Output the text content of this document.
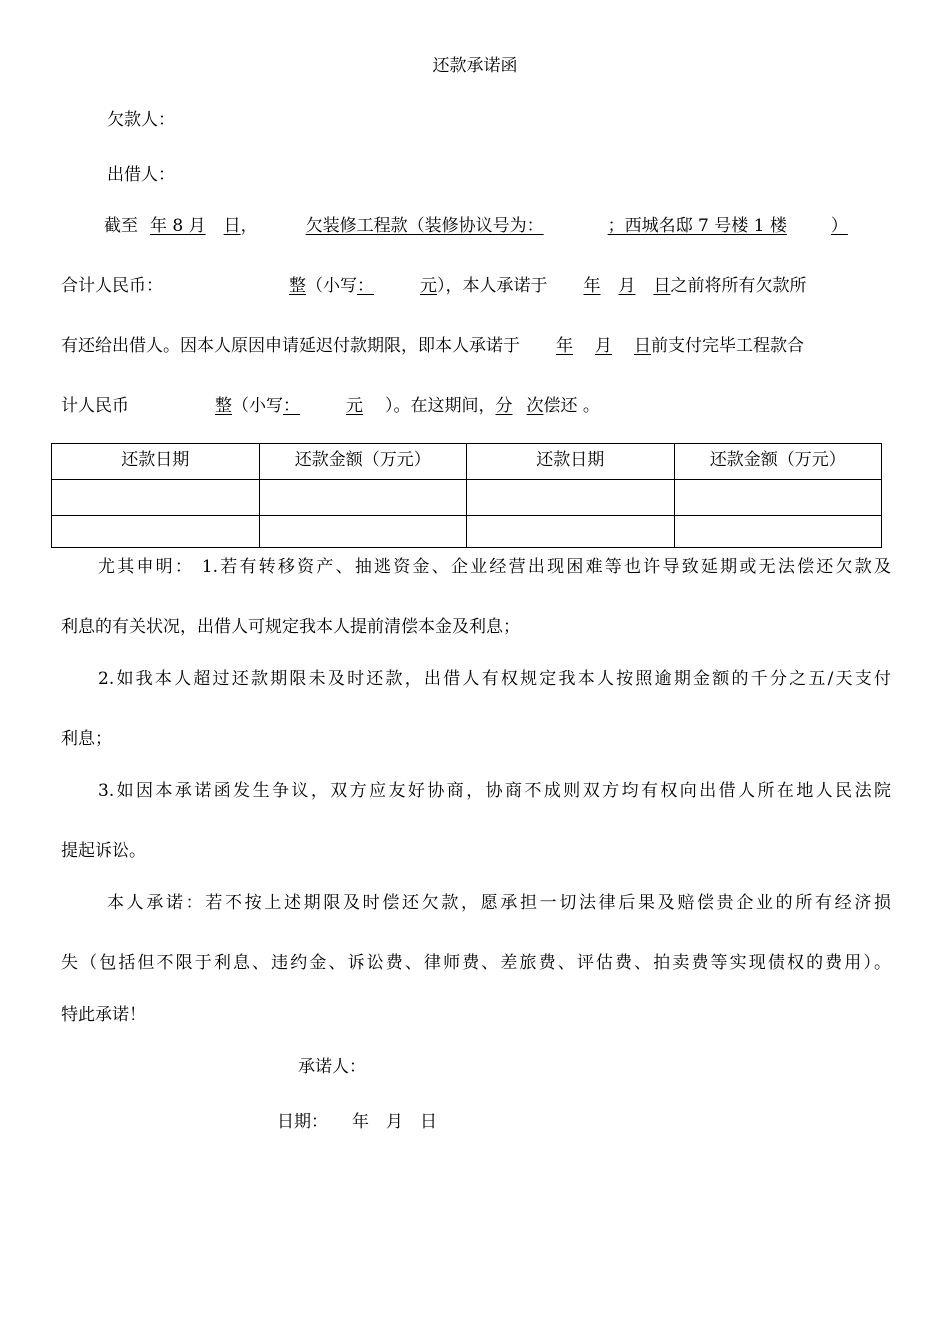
还款承诺函
欠款人：
出借人：
截至 年 8 月 日，	欠装修工程款（装修协议号为：	；西城名邸 7 号楼 1 楼	）
合计人民币：	整（小写：	元），本人承诺于 年 月 日之前将所有欠款所
有还给出借人。因本人原因申请延迟付款期限，即本人承诺于 年 月 日前支付完毕工程款合
计人民币	整（小写：	元 ）。在这期间，分 次偿还 。
还款日期	还款金额（万元）	还款日期	还款金额（万元）

尤其申明： 1.若有转移资产、抽逃资金、企业经营出现困难等也许导致延期或无法偿还欠款及
利息的有关状况，出借人可规定我本人提前清偿本金及利息；
2.如我本人超过还款期限未及时还款，出借人有权规定我本人按照逾期金额的千分之五/天支付
利息；
3.如因本承诺函发生争议，双方应友好协商，协商不成则双方均有权向出借人所在地人民法院
提起诉讼。
本人承诺：若不按上述期限及时偿还欠款，愿承担一切法律后果及赔偿贵企业的所有经济损
失（包括但不限于利息、违约金、诉讼费、律师费、差旅费、评估费、拍卖费等实现债权的费用）。
特此承诺！
承诺人：
日期： 年　月　日
